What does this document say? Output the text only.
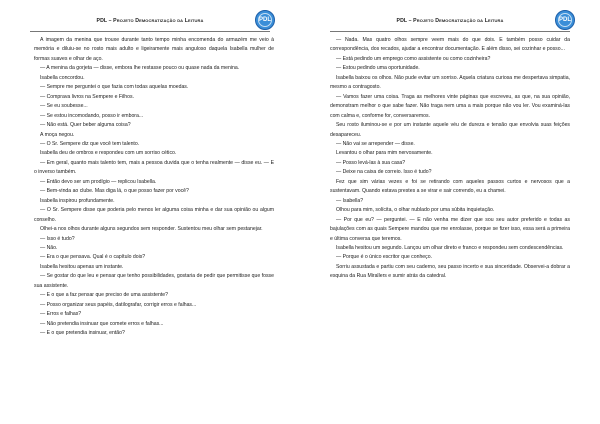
PDL – Projeto Democratização da Leitura	PDL

A imagem da menina que trouxe durante tanto tempo minha encomenda do armazém me veio à memória e diluiu-se no rosto mais adulto e ligeiramente mais anguloso daquela Isabella mulher de formas suaves e olhar de aço.

— A menina da gorjeta — disse, embora lhe restasse pouco ou quase nada da menina.

Isabella concordou.

— Sempre me perguntei o que fazia com todas aquelas moedas.

— Comprava livros na Sempere e Filhos.

— Se eu soubesse...

— Se estou incomodando, posso ir embora...

— Não está. Quer beber alguma coisa?

A moça negou.

— O Sr. Sempere diz que você tem talento.

Isabella deu de ombros e respondeu com um sorriso cético.

— Em geral, quanto mais talento tem, mais a pessoa duvida que o tenha realmente — disse eu. — E o inverso também.

— Então devo ser um prodígio — replicou Isabella.

— Bem-vinda ao clube. Mas diga lá, o que posso fazer por você?

Isabella inspirou profundamente.

— O Sr. Sempere disse que poderia pelo menos ler alguma coisa minha e dar sua opinião ou algum conselho.

Olhei-a nos olhos durante alguns segundos sem responder. Sustentou meu olhar sem pestanejar.

— Isso é tudo?

— Não.

— Era o que pensava. Qual é o capítulo dois?

Isabella hesitou apenas um instante.

— Se gostar do que leu e pensar que tenho possibilidades, gostaria de pedir que permitisse que fosse sua assistente.

— E o que a faz pensar que preciso de uma assistente?

— Posso organizar seus papéis, datilografar, corrigir erros e falhas...

— Erros e falhas?

— Não pretendia insinuar que comete erros e falhas...

— E o que pretendia insinuar, então?

PDL – Projeto Democratização da Leitura	PDL

— Nada. Mas quatro olhos sempre veem mais do que dois. E também posso cuidar da correspondência, dos recados, ajudar a encontrar documentação. E além disso, sei cozinhar e posso...

— Está pedindo um emprego como assistente ou como cozinheira?

— Estou pedindo uma oportunidade.

Isabella baixou os olhos. Não pude evitar um sorriso. Aquela criatura curiosa me despertava simpatia, mesmo a contragosto.

— Vamos fazer uma coisa. Traga as melhores vinte páginas que escreveu, as que, na sua opinião, demonstram melhor o que sabe fazer. Não traga nem uma a mais porque não vou ler. Vou examiná-las com calma e, conforme for, conversaremos.

Seu rosto iluminou-se e por um instante aquele véu de dureza e tensão que envolvia suas feições desapareceu.

— Não vai se arrepender — disse.

Levantou o olhar para mim nervosamente.

— Posso levá-las à sua casa?

— Deixe na caixa de correio. Isso é tudo?

Fez que sim várias vezes e foi se retirando com aqueles passos curtos e nervosos que a sustentavam. Quando estava prestes a se virar e sair correndo, eu a chamei.

— Isabella?

Olhou para mim, solícita, o olhar nublado por uma súbita inquietação.

— Por que eu? — perguntei. — E não venha me dizer que sou seu autor preferido e todas as bajulações com as quais Sempere mandou que me enrolasse, porque se fizer isso, essa será a primeira e última conversa que teremos.

Isabella hesitou um segundo. Lançou um olhar direto e franco e respondeu sem condescendências.

— Porque é o único escritor que conheço.

Sorriu assustada e partiu com seu caderno, seu passo incerto e sua sinceridade. Observei-a dobrar a esquina da Rua Mirallers e sumir atrás da catedral.
